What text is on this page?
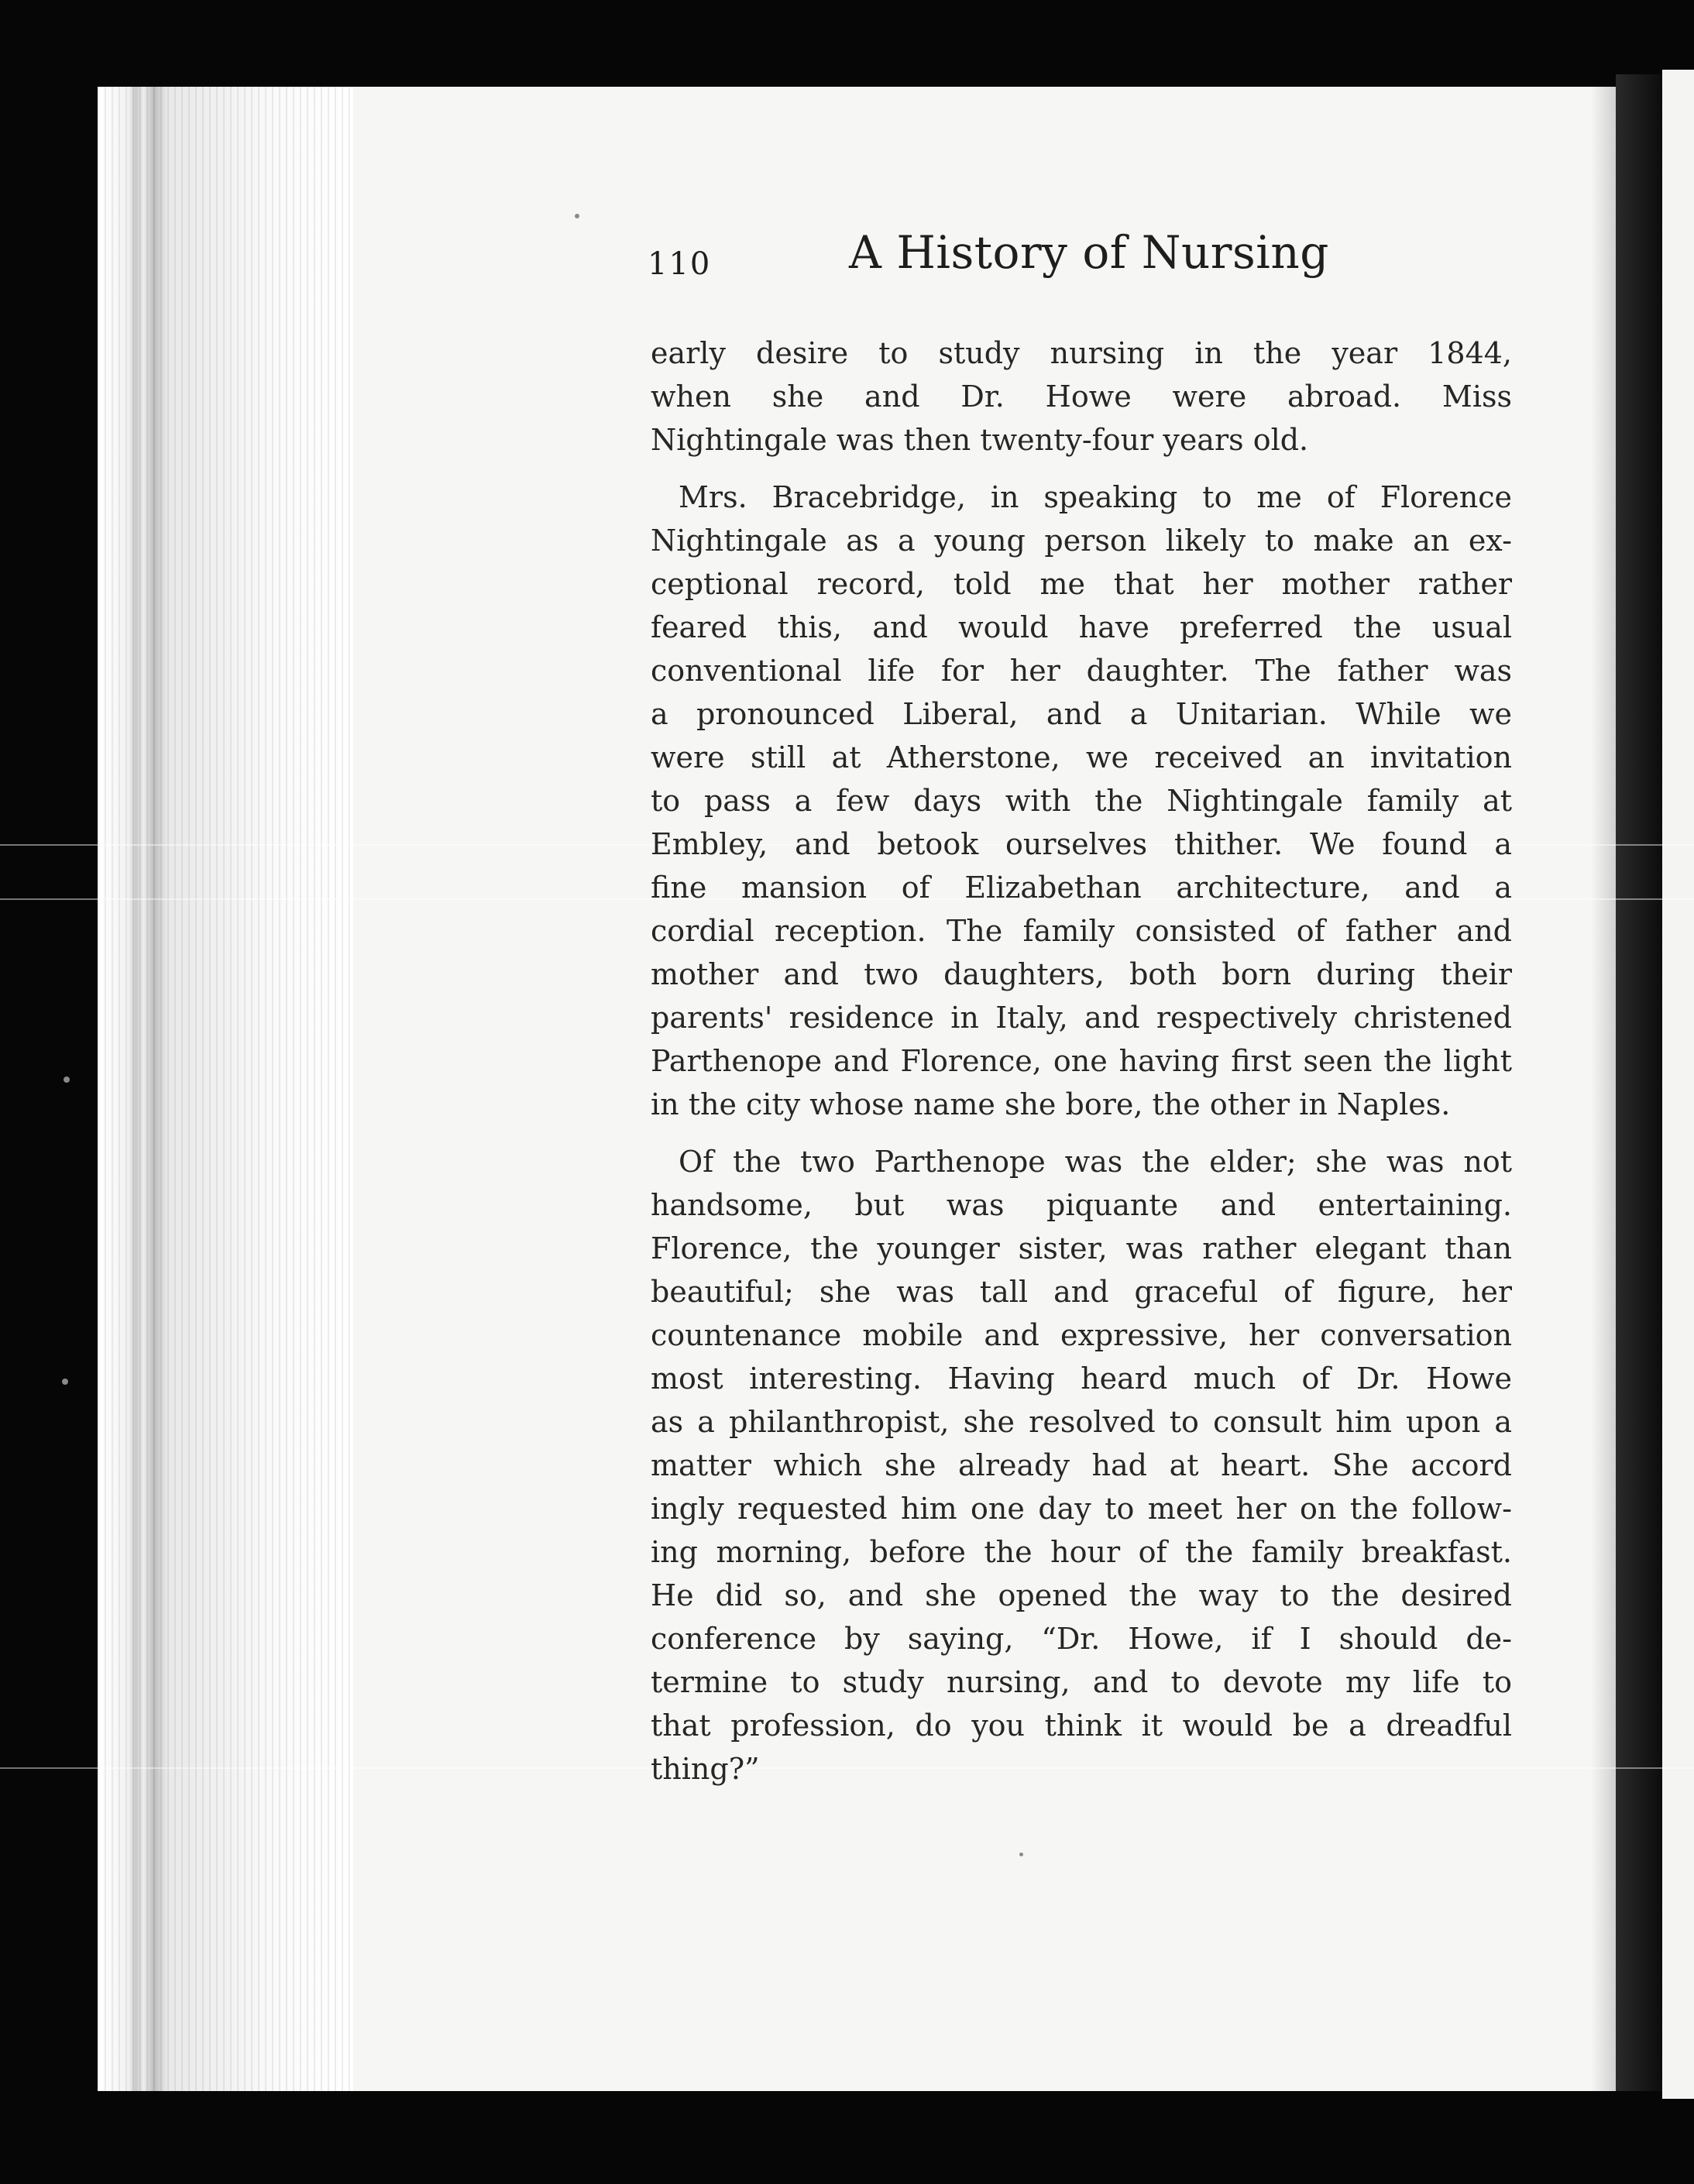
110	A History of Nursing

early desire to study nursing in the year 1844,
when she and Dr. Howe were abroad. Miss
Nightingale was then twenty-four years old.

Mrs. Bracebridge, in speaking to me of Florence
Nightingale as a young person likely to make an ex-
ceptional record, told me that her mother rather
feared this, and would have preferred the usual
conventional life for her daughter. The father was
a pronounced Liberal, and a Unitarian. While we
were still at Atherstone, we received an invitation
to pass a few days with the Nightingale family at
Embley, and betook ourselves thither. We found a
fine mansion of Elizabethan architecture, and a
cordial reception. The family consisted of father and
mother and two daughters, both born during their
parents' residence in Italy, and respectively christened
Parthenope and Florence, one having first seen the light
in the city whose name she bore, the other in Naples.

Of the two Parthenope was the elder; she was not
handsome, but was piquante and entertaining.
Florence, the younger sister, was rather elegant than
beautiful; she was tall and graceful of figure, her
countenance mobile and expressive, her conversation
most interesting. Having heard much of Dr. Howe
as a philanthropist, she resolved to consult him upon a
matter which she already had at heart. She accord
ingly requested him one day to meet her on the follow-
ing morning, before the hour of the family breakfast.
He did so, and she opened the way to the desired
conference by saying, “Dr. Howe, if I should de-
termine to study nursing, and to devote my life to
that profession, do you think it would be a dreadful
thing?”
